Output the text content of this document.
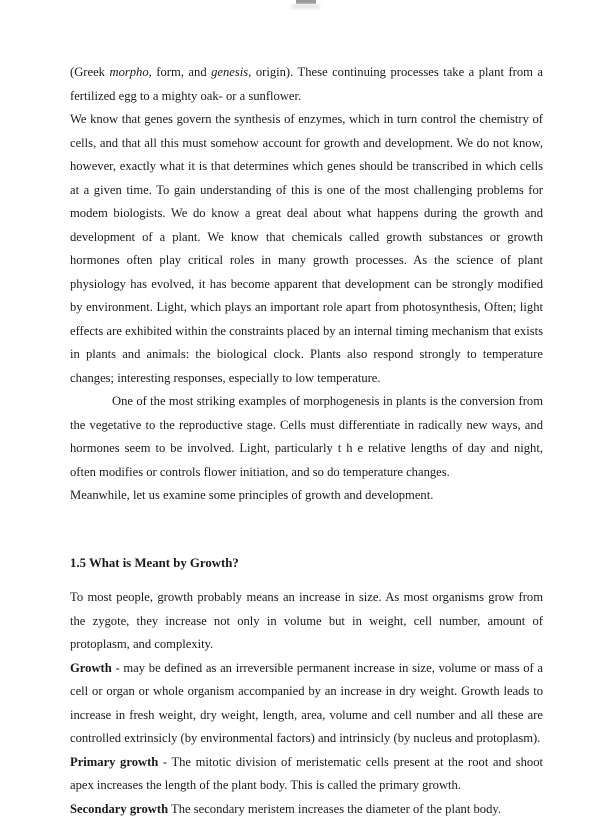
(Greek morpho, form, and genesis, origin). These continuing processes take a plant from a fertilized egg to a mighty oak- or a sunflower.

We know that genes govern the synthesis of enzymes, which in turn control the chemistry of cells, and that all this must somehow account for growth and development. We do not know, however, exactly what it is that determines which genes should be transcribed in which cells at a given time. To gain understanding of this is one of the most challenging problems for modem biologists. We do know a great deal about what happens during the growth and development of a plant. We know that chemicals called growth substances or growth hormones often play critical roles in many growth processes. As the science of plant physiology has evolved, it has become apparent that development can be strongly modified by environment. Light, which plays an important role apart from photosynthesis, Often; light effects are exhibited within the constraints placed by an internal timing mechanism that exists in plants and animals: the biological clock. Plants also respond strongly to temperature changes; interesting responses, especially to low temperature.

One of the most striking examples of morphogenesis in plants is the conversion from the vegetative to the reproductive stage. Cells must differentiate in radically new ways, and hormones seem to be involved. Light, particularly t h e relative lengths of day and night, often modifies or controls flower initiation, and so do temperature changes.

Meanwhile, let us examine some principles of growth and development.

1.5 What is Meant by Growth?

To most people, growth probably means an increase in size. As most organisms grow from the zygote, they increase not only in volume but in weight, cell number, amount of protoplasm, and complexity.

Growth - may be defined as an irreversible permanent increase in size, volume or mass of a cell or organ or whole organism accompanied by an increase in dry weight. Growth leads to increase in fresh weight, dry weight, length, area, volume and cell number and all these are controlled extrinsicly (by environmental factors) and intrinsicly (by nucleus and protoplasm).

Primary growth - The mitotic division of meristematic cells present at the root and shoot apex increases the length of the plant body. This is called the primary growth.

Secondary growth The secondary meristem increases the diameter of the plant body.
